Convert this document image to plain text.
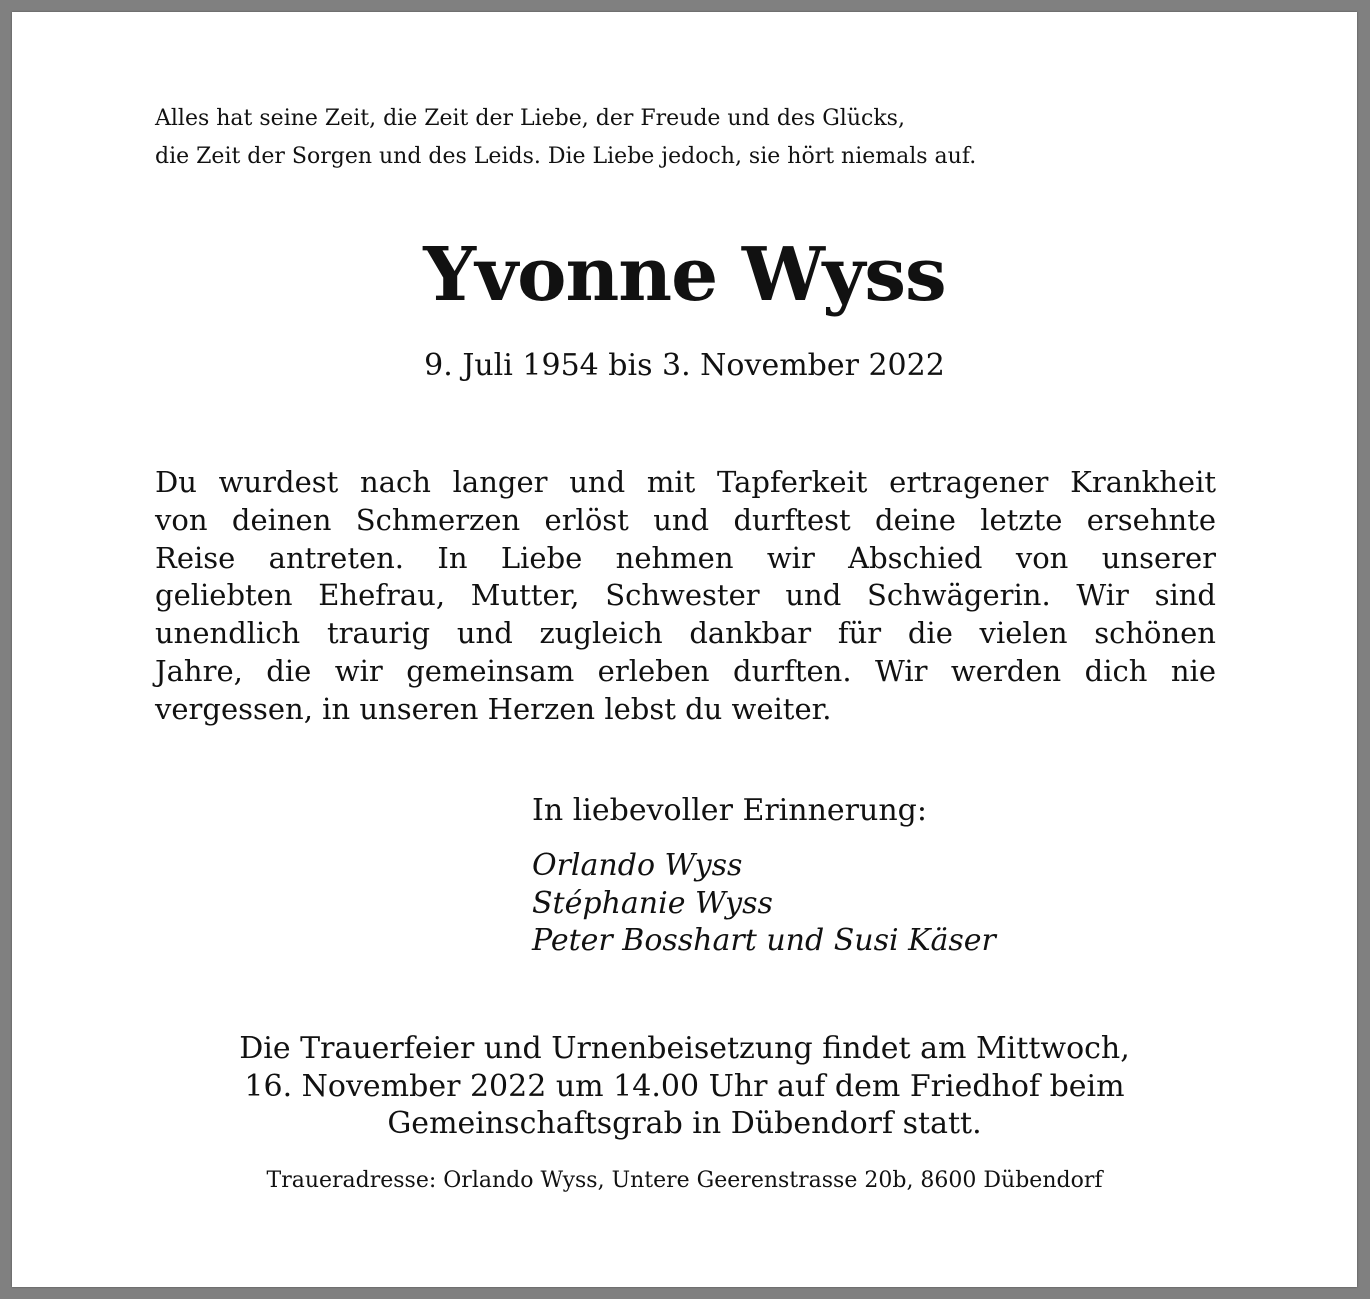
Alles hat seine Zeit, die Zeit der Liebe, der Freude und des Glücks,
die Zeit der Sorgen und des Leids. Die Liebe jedoch, sie hört niemals auf.

Yvonne Wyss
9. Juli 1954 bis 3. November 2022

Du wurdest nach langer und mit Tapferkeit ertragener Krankheit
von deinen Schmerzen erlöst und durftest deine letzte ersehnte
Reise antreten. In Liebe nehmen wir Abschied von unserer
geliebten Ehefrau, Mutter, Schwester und Schwägerin. Wir sind
unendlich traurig und zugleich dankbar für die vielen schönen
Jahre, die wir gemeinsam erleben durften. Wir werden dich nie
vergessen, in unseren Herzen lebst du weiter.

In liebevoller Erinnerung:
Orlando Wyss
Stéphanie Wyss
Peter Bosshart und Susi Käser

Die Trauerfeier und Urnenbeisetzung findet am Mittwoch,
16. November 2022 um 14.00 Uhr auf dem Friedhof beim
Gemeinschaftsgrab in Dübendorf statt.

Traueradresse: Orlando Wyss, Untere Geerenstrasse 20b, 8600 Dübendorf
